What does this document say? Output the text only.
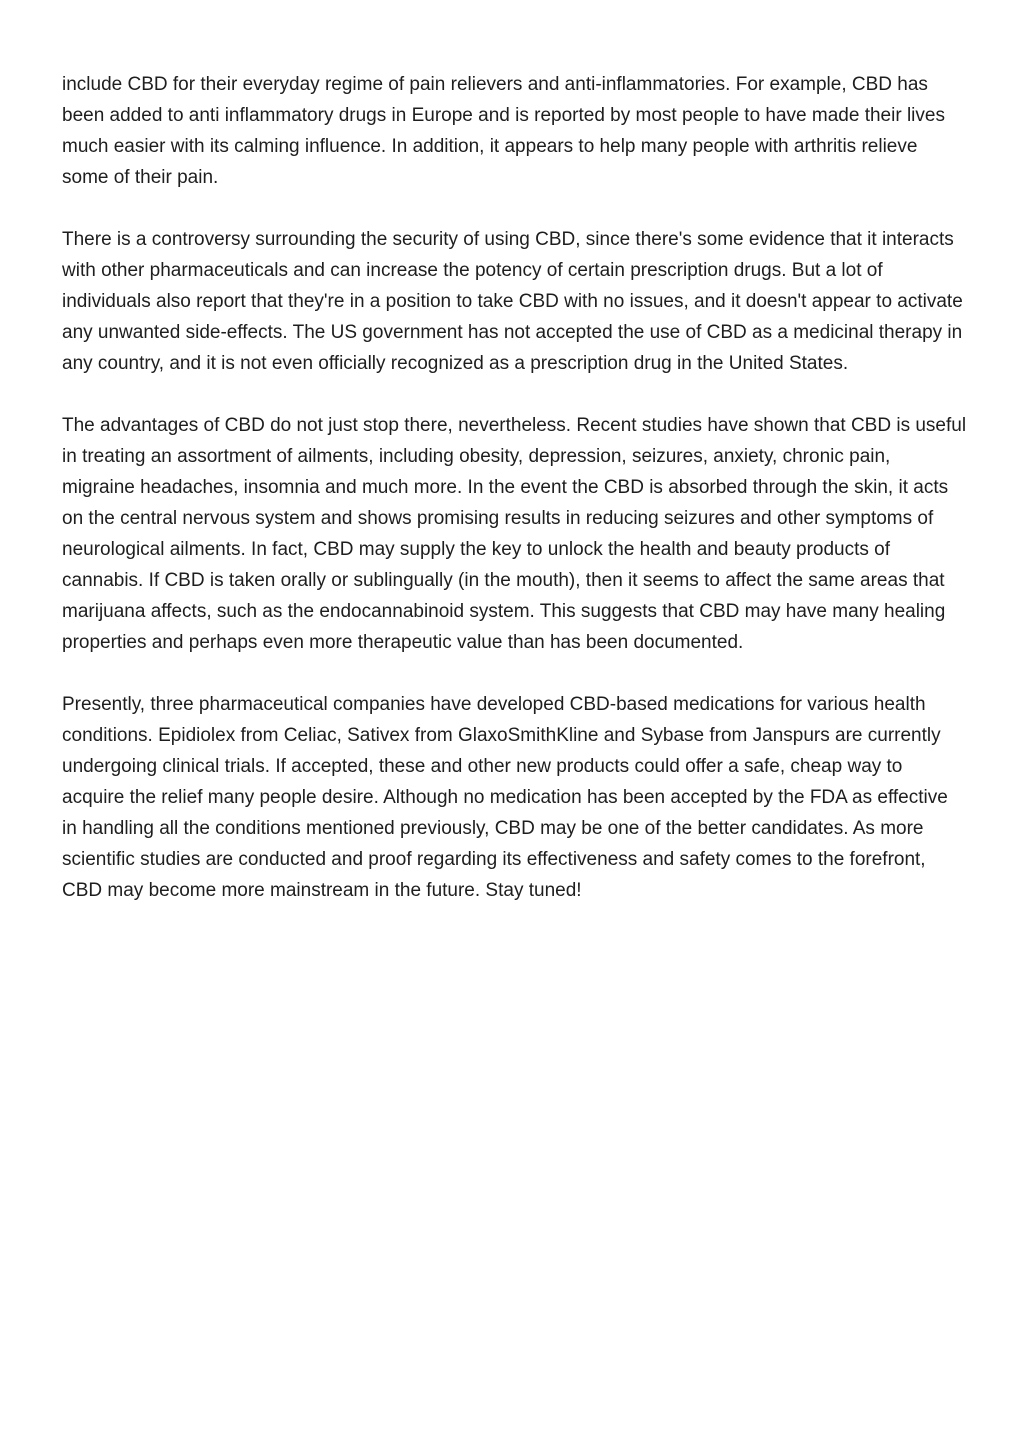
include CBD for their everyday regime of pain relievers and anti-inflammatories. For example, CBD has been added to anti inflammatory drugs in Europe and is reported by most people to have made their lives much easier with its calming influence. In addition, it appears to help many people with arthritis relieve some of their pain.

There is a controversy surrounding the security of using CBD, since there's some evidence that it interacts with other pharmaceuticals and can increase the potency of certain prescription drugs. But a lot of individuals also report that they're in a position to take CBD with no issues, and it doesn't appear to activate any unwanted side-effects. The US government has not accepted the use of CBD as a medicinal therapy in any country, and it is not even officially recognized as a prescription drug in the United States.

The advantages of CBD do not just stop there, nevertheless. Recent studies have shown that CBD is useful in treating an assortment of ailments, including obesity, depression, seizures, anxiety, chronic pain, migraine headaches, insomnia and much more. In the event the CBD is absorbed through the skin, it acts on the central nervous system and shows promising results in reducing seizures and other symptoms of neurological ailments. In fact, CBD may supply the key to unlock the health and beauty products of cannabis. If CBD is taken orally or sublingually (in the mouth), then it seems to affect the same areas that marijuana affects, such as the endocannabinoid system. This suggests that CBD may have many healing properties and perhaps even more therapeutic value than has been documented.

Presently, three pharmaceutical companies have developed CBD-based medications for various health conditions. Epidiolex from Celiac, Sativex from GlaxoSmithKline and Sybase from Janspurs are currently undergoing clinical trials. If accepted, these and other new products could offer a safe, cheap way to acquire the relief many people desire. Although no medication has been accepted by the FDA as effective in handling all the conditions mentioned previously, CBD may be one of the better candidates. As more scientific studies are conducted and proof regarding its effectiveness and safety comes to the forefront, CBD may become more mainstream in the future. Stay tuned!
